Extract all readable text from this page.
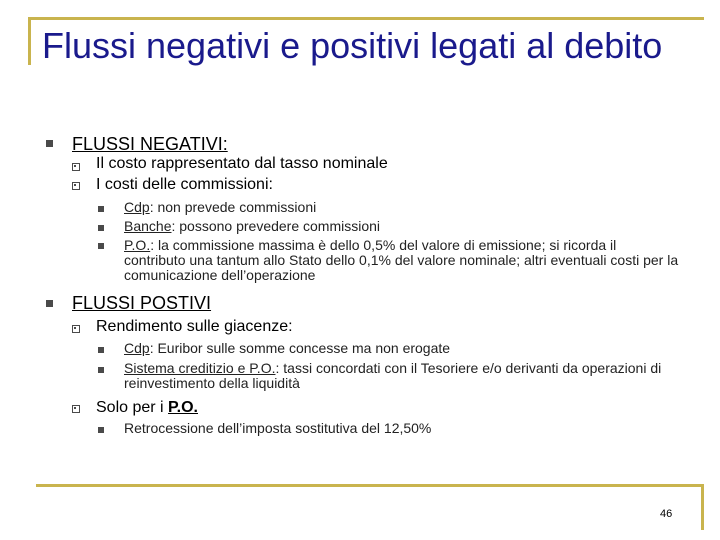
Flussi negativi e positivi legati al debito
FLUSSI NEGATIVI:
Il costo rappresentato dal tasso nominale
I costi delle commissioni:
Cdp: non prevede commissioni
Banche: possono prevedere commissioni
P.O.: la commissione massima è dello 0,5% del valore di emissione; si ricorda il contributo una tantum allo Stato dello 0,1% del valore nominale; altri eventuali costi per la comunicazione dell’operazione
FLUSSI POSTIVI
Rendimento sulle giacenze:
Cdp: Euribor sulle somme concesse ma non erogate
Sistema creditizio e P.O.: tassi concordati con il Tesoriere e/o derivanti da operazioni di reinvestimento della liquidità
Solo per i P.O.
Retrocessione dell’imposta sostitutiva del 12,50%
46
